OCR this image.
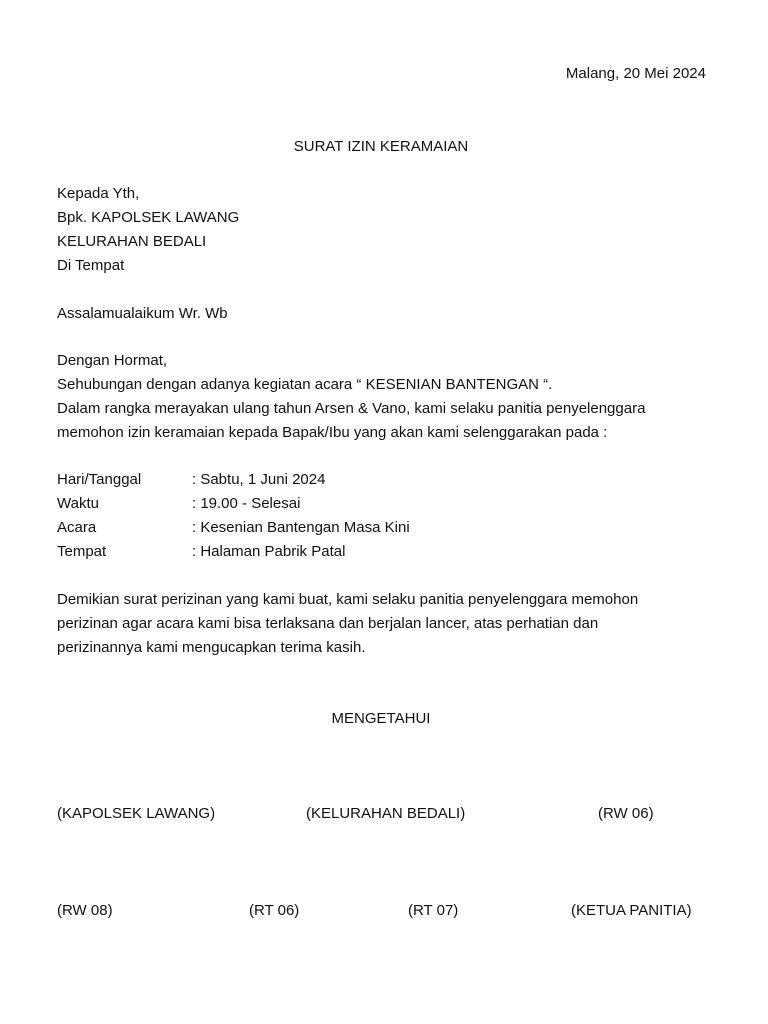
Malang, 20 Mei 2024
SURAT IZIN KERAMAIAN
Kepada Yth,
Bpk. KAPOLSEK LAWANG
KELURAHAN BEDALI
Di Tempat
Assalamualaikum Wr. Wb
Dengan Hormat,
Sehubungan dengan adanya kegiatan acara “ KESENIAN BANTENGAN “.
Dalam rangka merayakan ulang tahun Arsen & Vano, kami selaku panitia penyelenggara
memohon izin keramaian kepada Bapak/Ibu yang akan kami selenggarakan pada :
Hari/Tanggal	: Sabtu, 1 Juni 2024
Waktu	: 19.00 - Selesai
Acara	: Kesenian Bantengan Masa Kini
Tempat	: Halaman Pabrik Patal
Demikian surat perizinan yang kami buat, kami selaku panitia penyelenggara memohon
perizinan agar acara kami bisa terlaksana dan berjalan lancer, atas perhatian dan
perizinannya kami mengucapkan terima kasih.
MENGETAHUI
(KAPOLSEK LAWANG)	(KELURAHAN BEDALI)	(RW 06)
(RW 08)	(RT 06)	(RT 07)	(KETUA PANITIA)
